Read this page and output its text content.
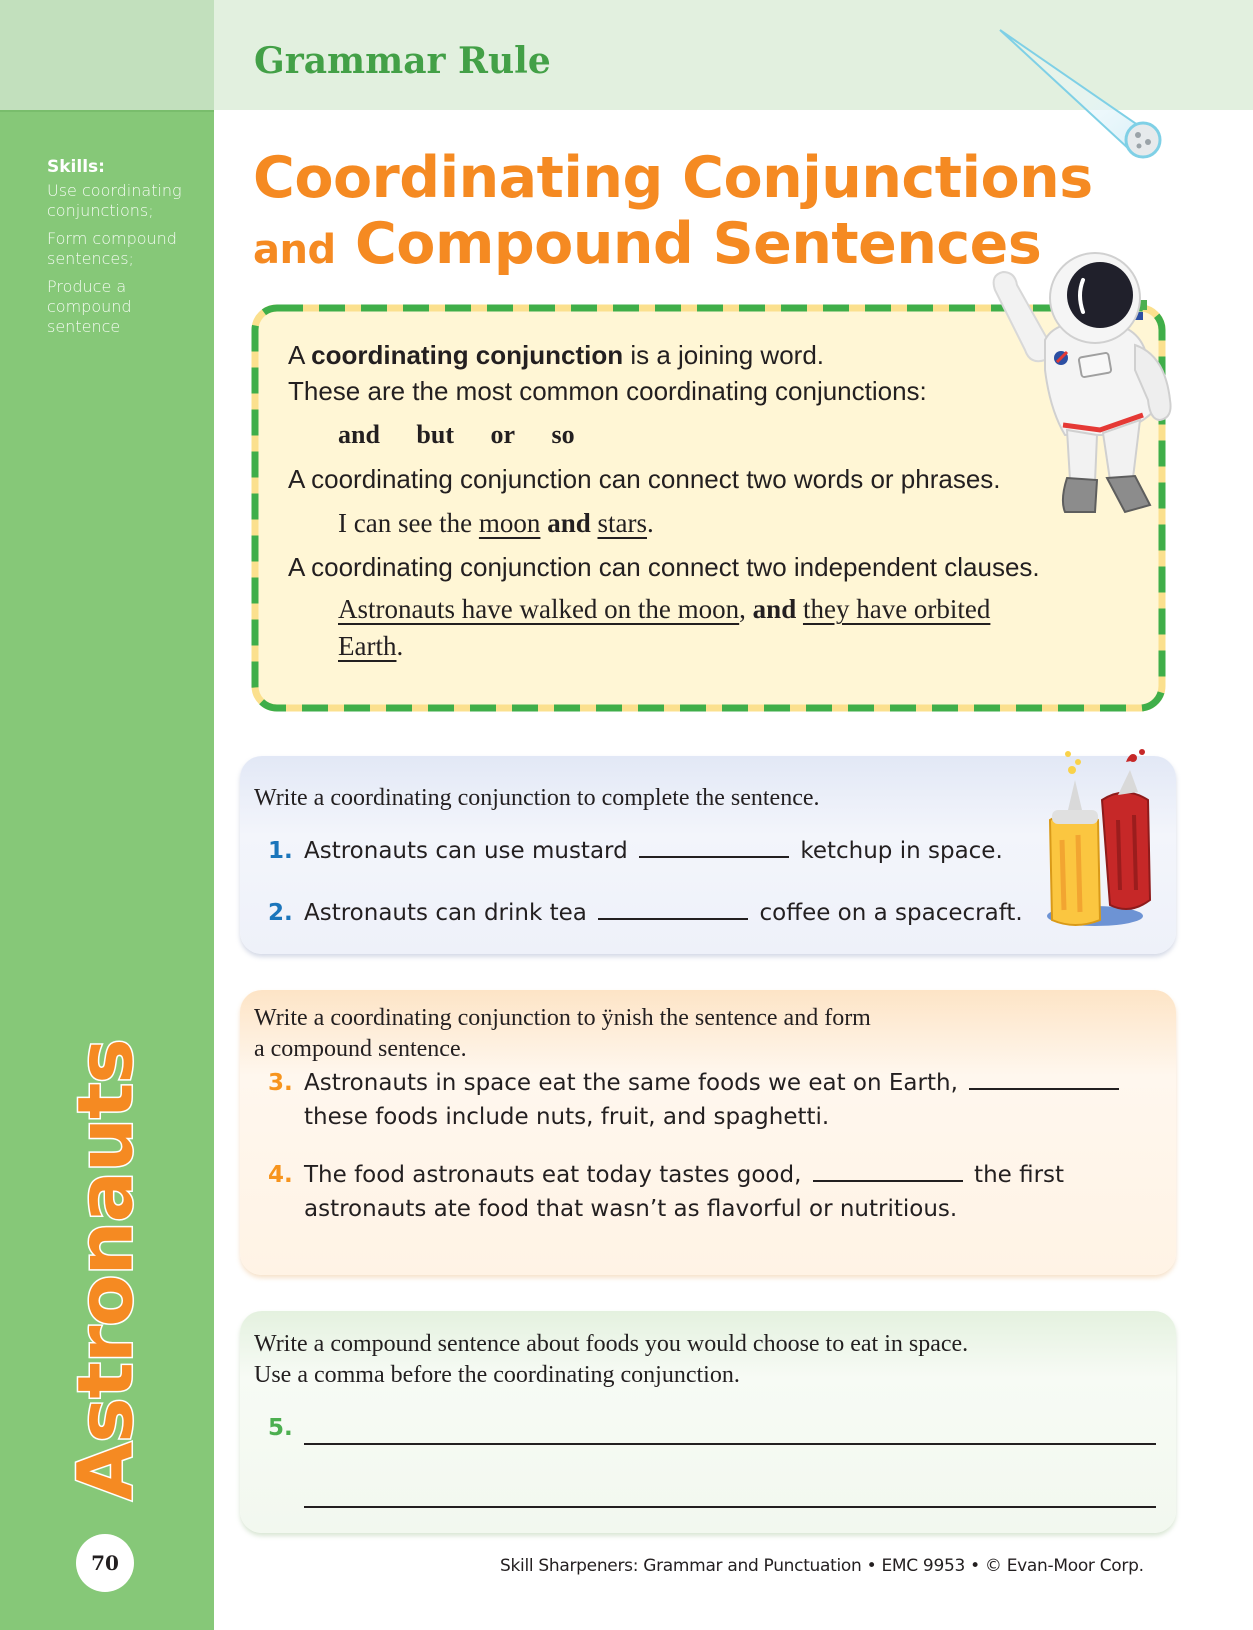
Skills:
Use coordinating conjunctions;
Form compound sentences;
Produce a compound sentence
Astronauts
70
Grammar Rule
Coordinating Conjunctions
and Compound Sentences

A coordinating conjunction is a joining word.

These are the most common coordinating conjunctions:

and but or so

A coordinating conjunction can connect two words or phrases.

I can see the moon and stars.

A coordinating conjunction can connect two independent clauses.

Astronauts have walked on the moon, and they have orbited
Earth.

Write a coordinating conjunction to complete the sentence.
1. Astronauts can use mustard	ketchup in space.
2. Astronauts can drink tea	coffee on a spacecraft.
Write a coordinating conjunction to ÿnish the sentence and form
a compound sentence.
3. Astronauts in space eat the same foods we eat on Earth,
these foods include nuts, fruit, and spaghetti.
4. The food astronauts eat today tastes good,	the first
astronauts ate food that wasn’t as flavorful or nutritious.
Write a compound sentence about foods you would choose to eat in space.
Use a comma before the coordinating conjunction.
5.
Skill Sharpeners: Grammar and Punctuation • EMC 9953 • © Evan-Moor Corp.
